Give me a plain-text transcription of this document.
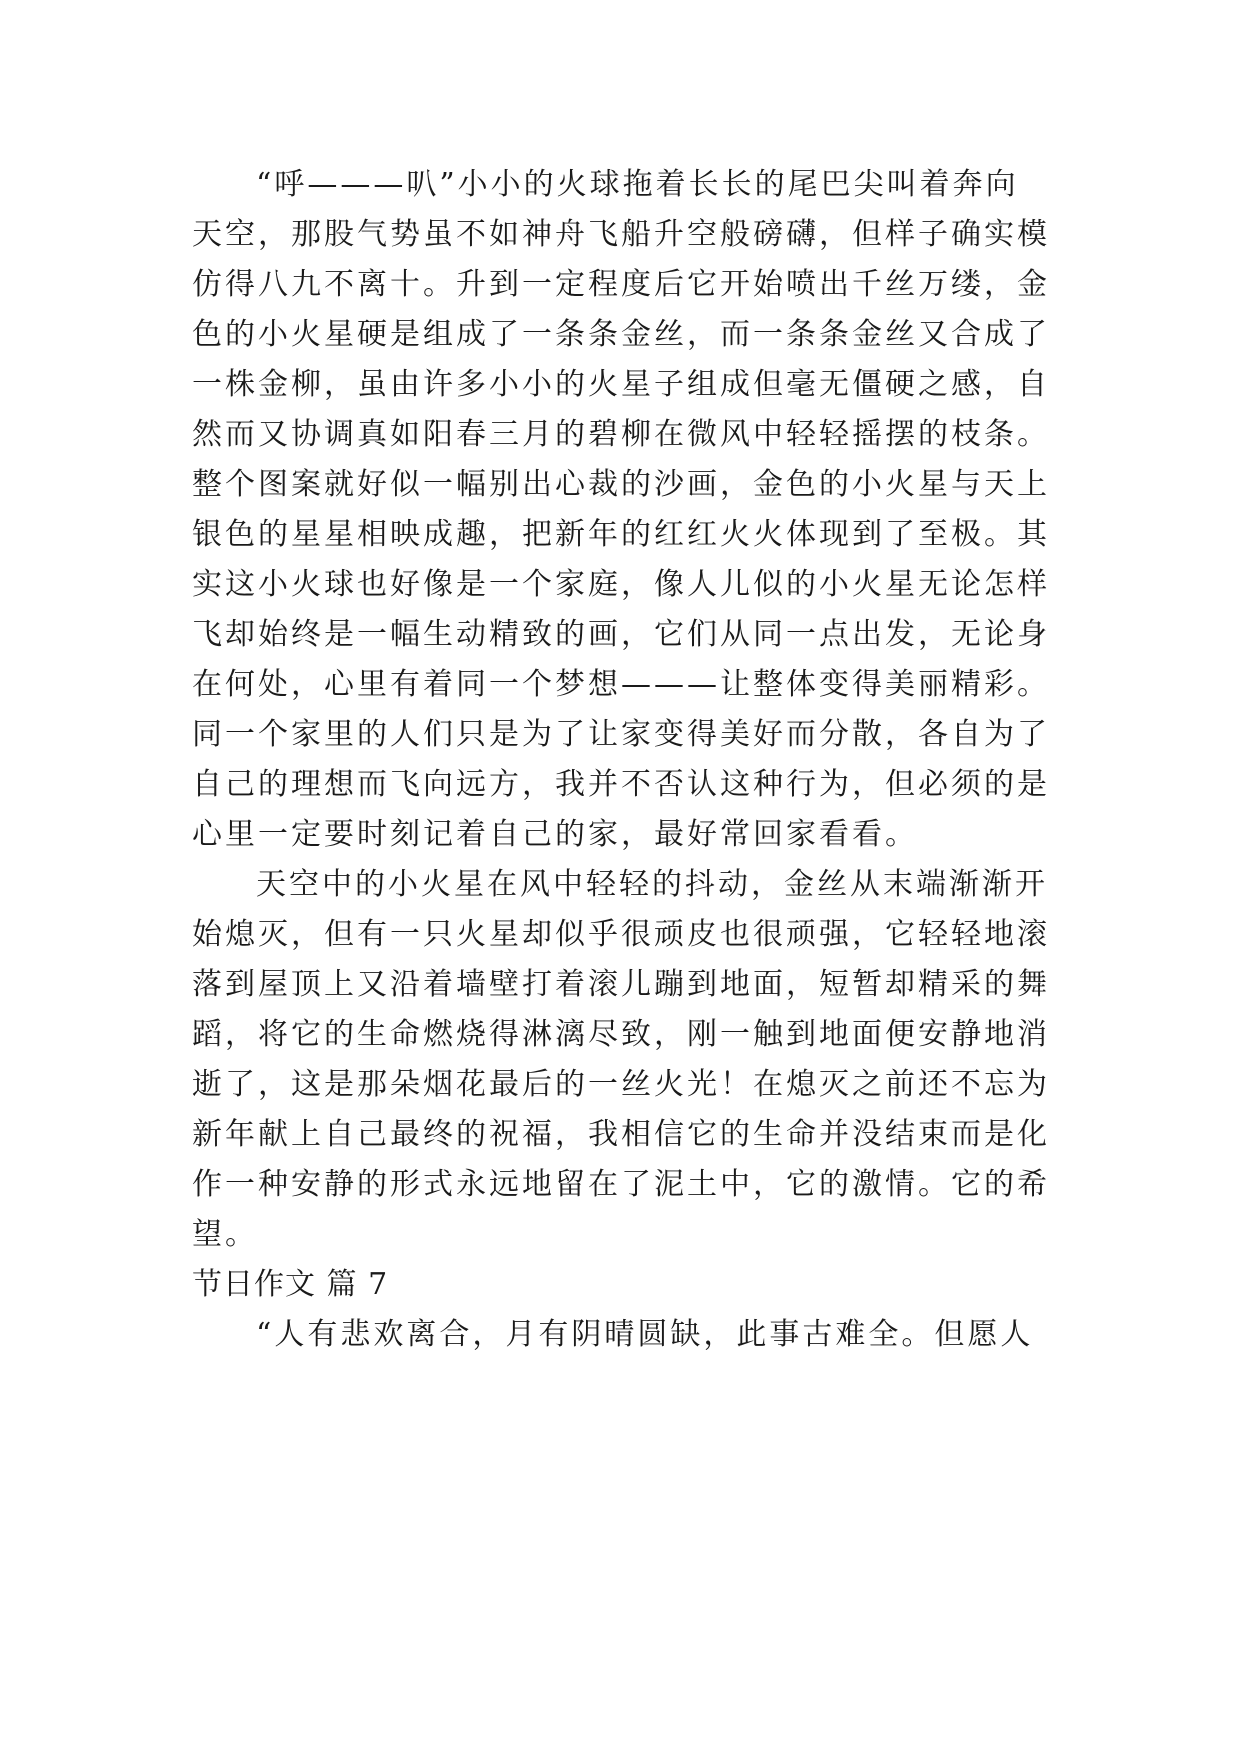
“呼———叭”小小的火球拖着长长的尾巴尖叫着奔向
天空，那股气势虽不如神舟飞船升空般磅礴，但样子确实模
仿得八九不离十。升到一定程度后它开始喷出千丝万缕，金
色的小火星硬是组成了一条条金丝，而一条条金丝又合成了
一株金柳，虽由许多小小的火星子组成但毫无僵硬之感，自
然而又协调真如阳春三月的碧柳在微风中轻轻摇摆的枝条。
整个图案就好似一幅别出心裁的沙画，金色的小火星与天上
银色的星星相映成趣，把新年的红红火火体现到了至极。其
实这小火球也好像是一个家庭，像人儿似的小火星无论怎样
飞却始终是一幅生动精致的画，它们从同一点出发，无论身
在何处，心里有着同一个梦想———让整体变得美丽精彩。
同一个家里的人们只是为了让家变得美好而分散，各自为了
自己的理想而飞向远方，我并不否认这种行为，但必须的是
心里一定要时刻记着自己的家，最好常回家看看。
天空中的小火星在风中轻轻的抖动，金丝从末端渐渐开
始熄灭，但有一只火星却似乎很顽皮也很顽强，它轻轻地滚
落到屋顶上又沿着墙壁打着滚儿蹦到地面，短暂却精采的舞
蹈，将它的生命燃烧得淋漓尽致，刚一触到地面便安静地消
逝了，这是那朵烟花最后的一丝火光！在熄灭之前还不忘为
新年献上自己最终的祝福，我相信它的生命并没结束而是化
作一种安静的形式永远地留在了泥土中，它的激情。它的希
望。
节日作文 篇 7
“人有悲欢离合，月有阴晴圆缺，此事古难全。但愿人
